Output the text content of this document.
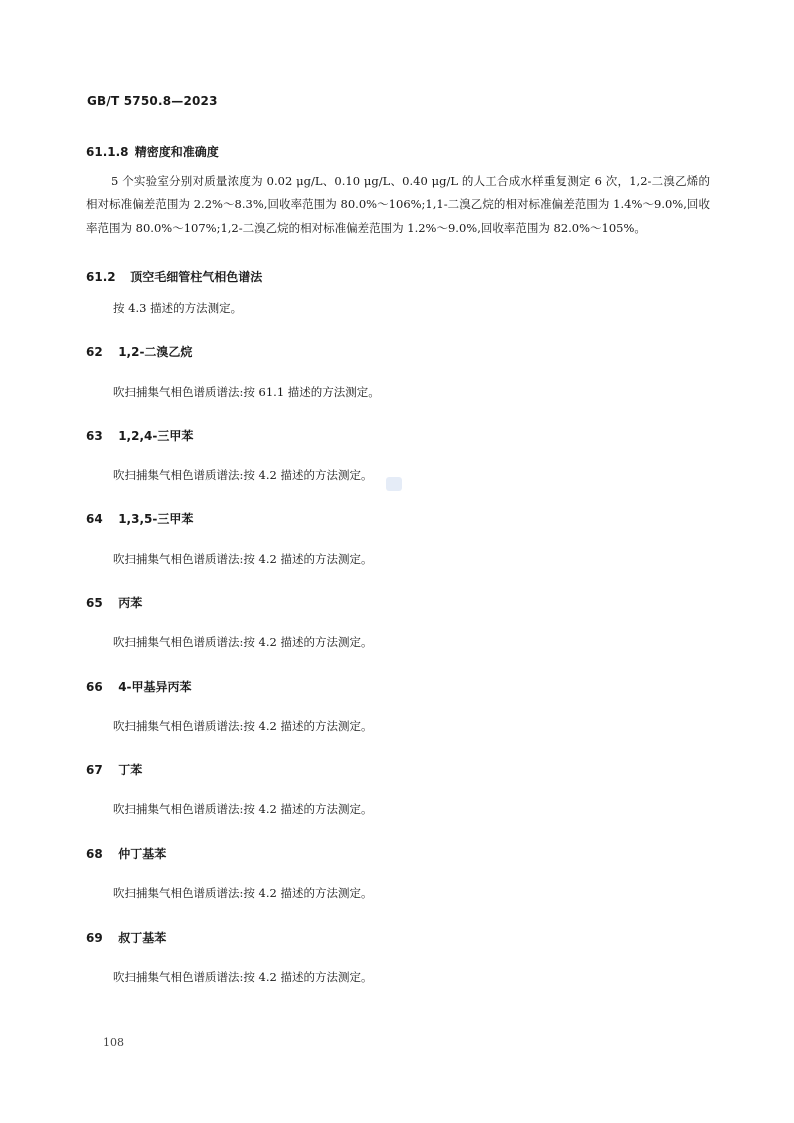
GB/T 5750.8—2023
61.1.8 精密度和准确度
5 个实验室分别对质量浓度为 0.02 μg/L、0.10 μg/L、0.40 μg/L 的人工合成水样重复测定 6 次，1,2-二溴乙烯的相对标准偏差范围为 2.2%～8.3%,回收率范围为 80.0%～106%;1,1-二溴乙烷的相对标准偏差范围为 1.4%～9.0%,回收率范围为 80.0%～107%;1,2-二溴乙烷的相对标准偏差范围为 1.2%～9.0%,回收率范围为 82.0%～105%。
61.2 顶空毛细管柱气相色谱法
按 4.3 描述的方法测定。
62 1,2-二溴乙烷
吹扫捕集气相色谱质谱法:按 61.1 描述的方法测定。
63 1,2,4-三甲苯
吹扫捕集气相色谱质谱法:按 4.2 描述的方法测定。
64 1,3,5-三甲苯
吹扫捕集气相色谱质谱法:按 4.2 描述的方法测定。
65 丙苯
吹扫捕集气相色谱质谱法:按 4.2 描述的方法测定。
66 4-甲基异丙苯
吹扫捕集气相色谱质谱法:按 4.2 描述的方法测定。
67 丁苯
吹扫捕集气相色谱质谱法:按 4.2 描述的方法测定。
68 仲丁基苯
吹扫捕集气相色谱质谱法:按 4.2 描述的方法测定。
69 叔丁基苯
吹扫捕集气相色谱质谱法:按 4.2 描述的方法测定。
108
